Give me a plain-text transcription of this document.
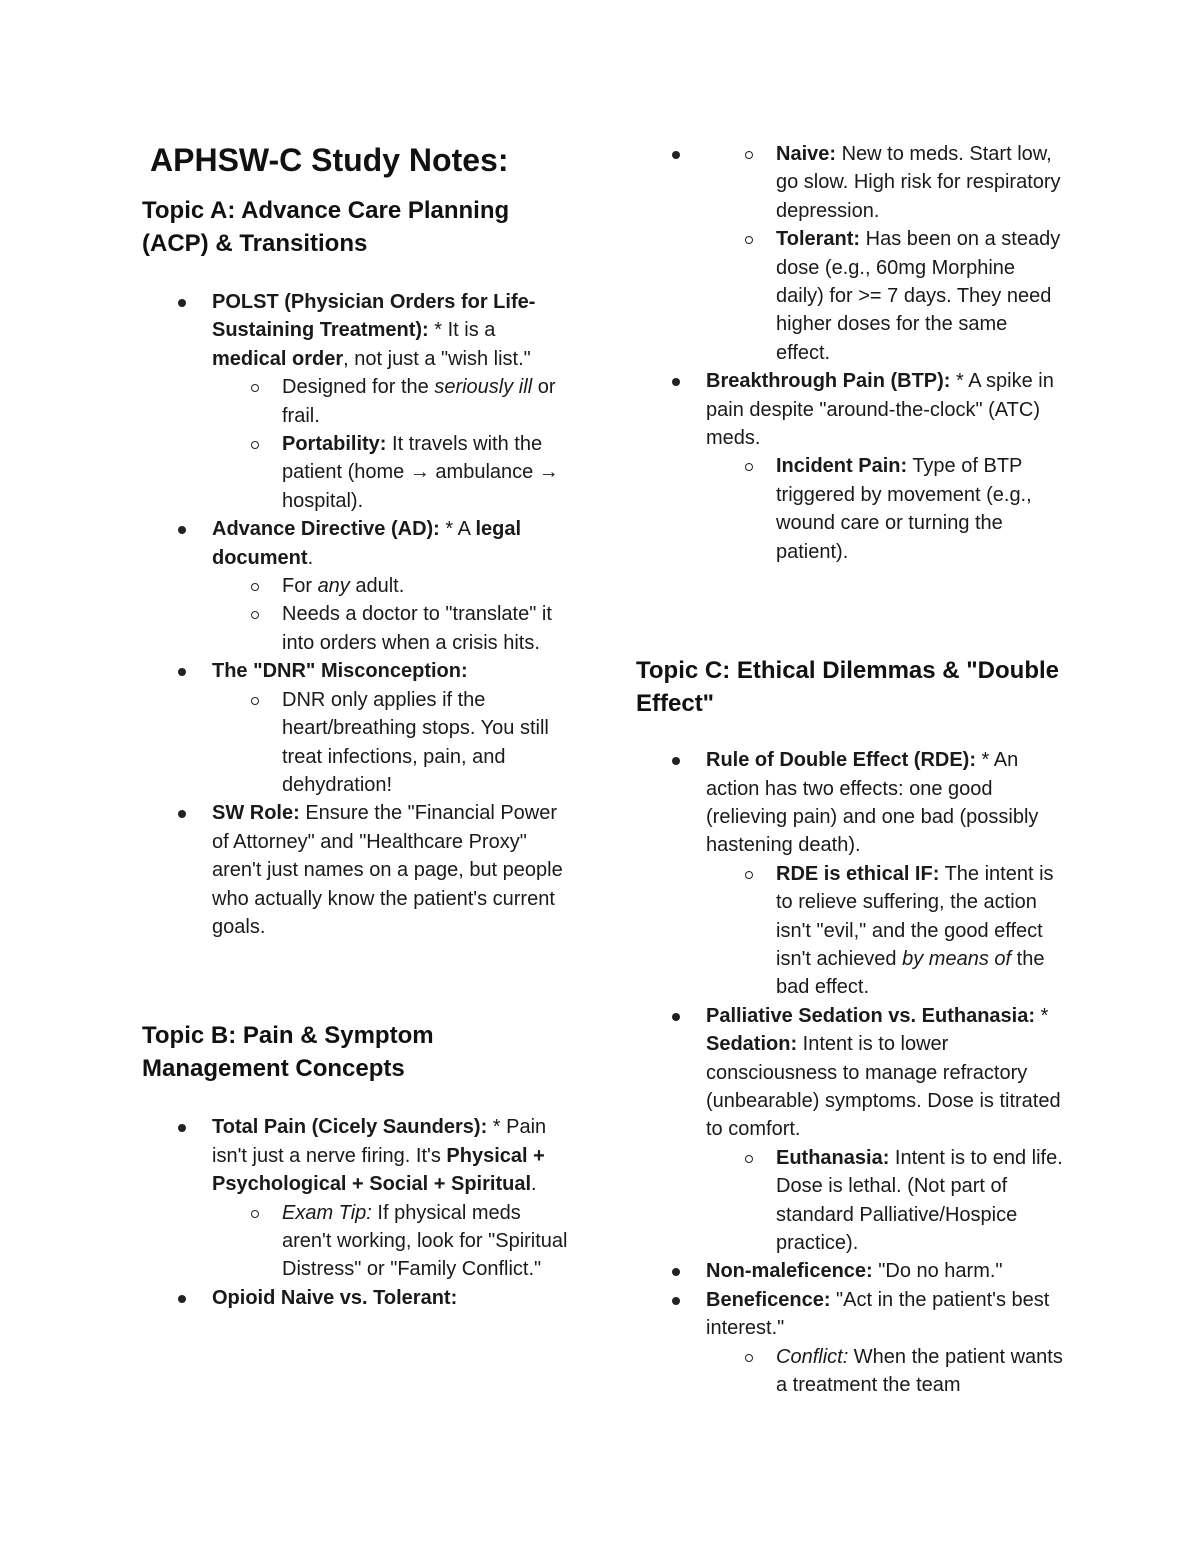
APHSW-C Study Notes:
Topic A: Advance Care Planning (ACP) & Transitions
POLST (Physician Orders for Life-Sustaining Treatment): * It is a medical order, not just a "wish list."
Designed for the seriously ill or frail.
Portability: It travels with the patient (home → ambulance → hospital).
Advance Directive (AD): * A legal document.
For any adult.
Needs a doctor to "translate" it into orders when a crisis hits.
The "DNR" Misconception:
DNR only applies if the heart/breathing stops. You still treat infections, pain, and dehydration!
SW Role: Ensure the "Financial Power of Attorney" and "Healthcare Proxy" aren't just names on a page, but people who actually know the patient's current goals.
Topic B: Pain & Symptom Management Concepts
Total Pain (Cicely Saunders): * Pain isn't just a nerve firing. It's Physical + Psychological + Social + Spiritual.
Exam Tip: If physical meds aren't working, look for "Spiritual Distress" or "Family Conflict."
Opioid Naive vs. Tolerant:
Naive: New to meds. Start low, go slow. High risk for respiratory depression.
Tolerant: Has been on a steady dose (e.g., 60mg Morphine daily) for >= 7 days. They need higher doses for the same effect.
Breakthrough Pain (BTP): * A spike in pain despite "around-the-clock" (ATC) meds.
Incident Pain: Type of BTP triggered by movement (e.g., wound care or turning the patient).
Topic C: Ethical Dilemmas & "Double Effect"
Rule of Double Effect (RDE): * An action has two effects: one good (relieving pain) and one bad (possibly hastening death).
RDE is ethical IF: The intent is to relieve suffering, the action isn't "evil," and the good effect isn't achieved by means of the bad effect.
Palliative Sedation vs. Euthanasia: * Sedation: Intent is to lower consciousness to manage refractory (unbearable) symptoms. Dose is titrated to comfort.
Euthanasia: Intent is to end life. Dose is lethal. (Not part of standard Palliative/Hospice practice).
Non-maleficence: "Do no harm."
Beneficence: "Act in the patient's best interest."
Conflict: When the patient wants a treatment the team
